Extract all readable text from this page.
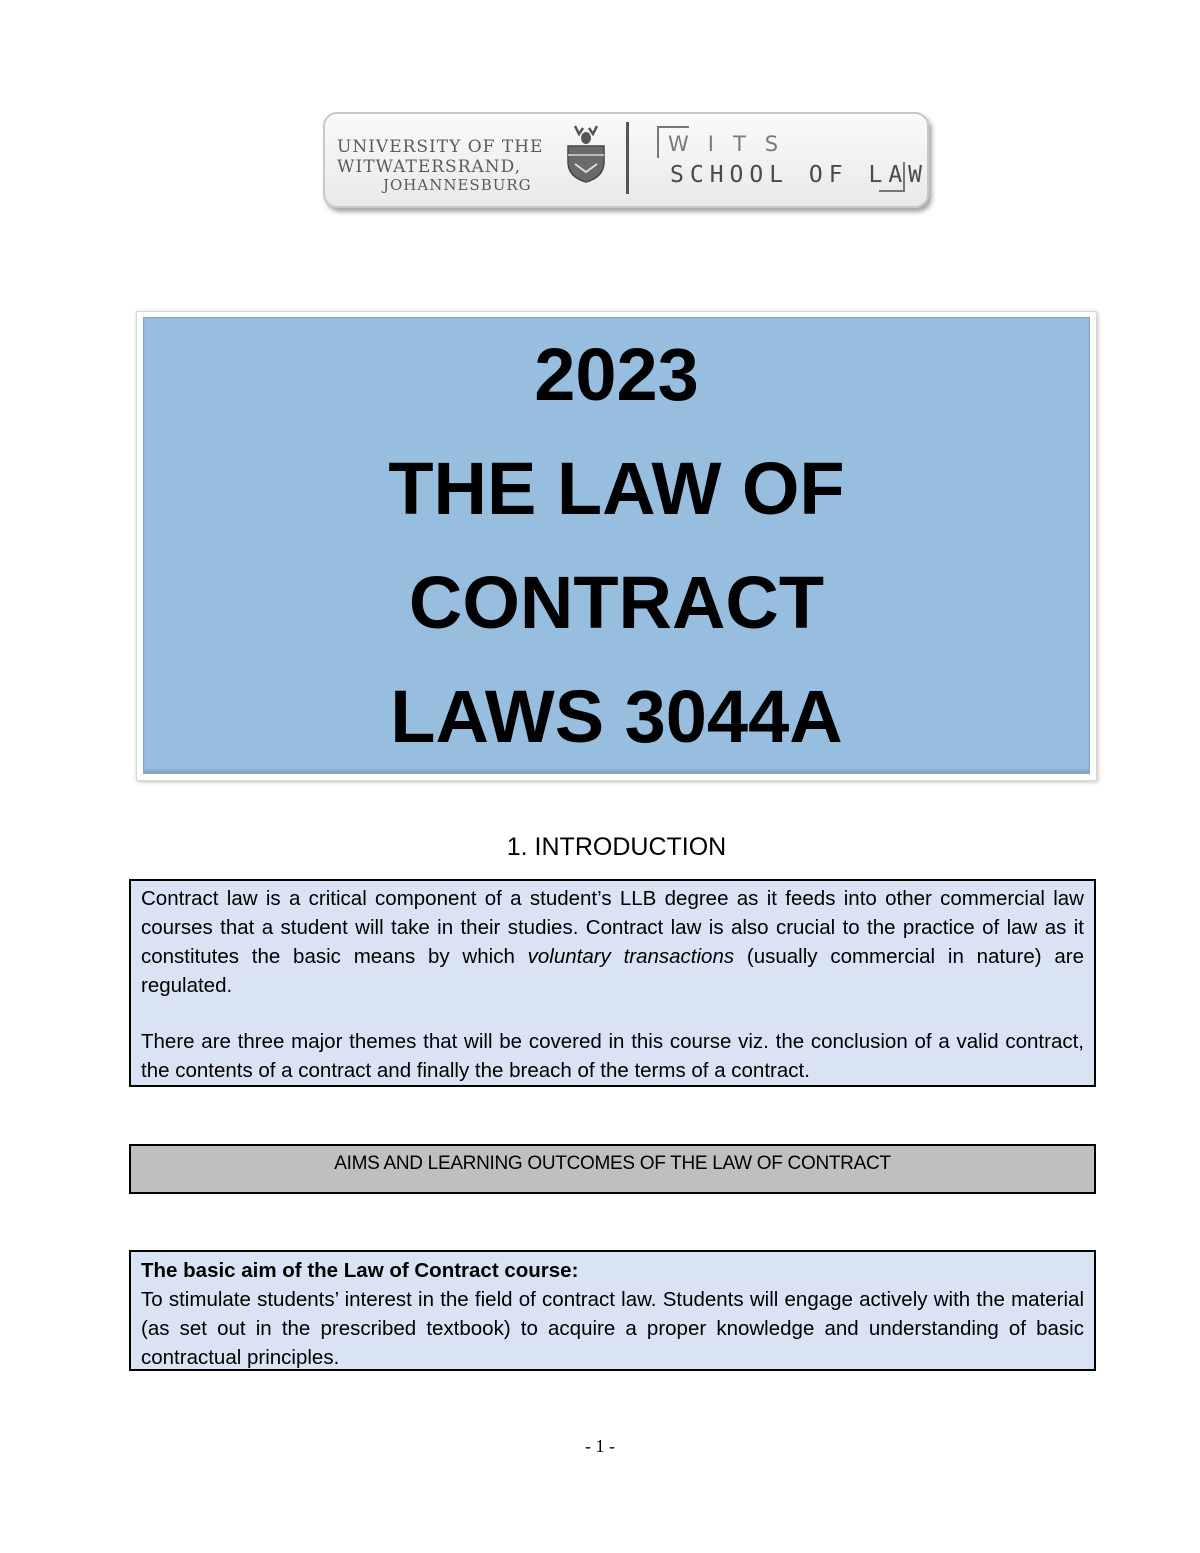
UNIVERSITY OF THE
WITWATERSRAND,
JOHANNESBURG
WITS
SCHOOL OF LAW
2023
THE LAW OF
CONTRACT
LAWS 3044A
1. INTRODUCTION

Contract law is a critical component of a student’s LLB degree as it feeds into other commercial law courses that a student will take in their studies. Contract law is also crucial to the practice of law as it constitutes the basic means by which voluntary transactions (usually commercial in nature) are regulated.

There are three major themes that will be covered in this course viz. the conclusion of a valid contract, the contents of a contract and finally the breach of the terms of a contract.

AIMS AND LEARNING OUTCOMES OF THE LAW OF CONTRACT

The basic aim of the Law of Contract course:

To stimulate students’ interest in the field of contract law. Students will engage actively with the material (as set out in the prescribed textbook) to acquire a proper knowledge and understanding of basic contractual principles.

- 1 -
